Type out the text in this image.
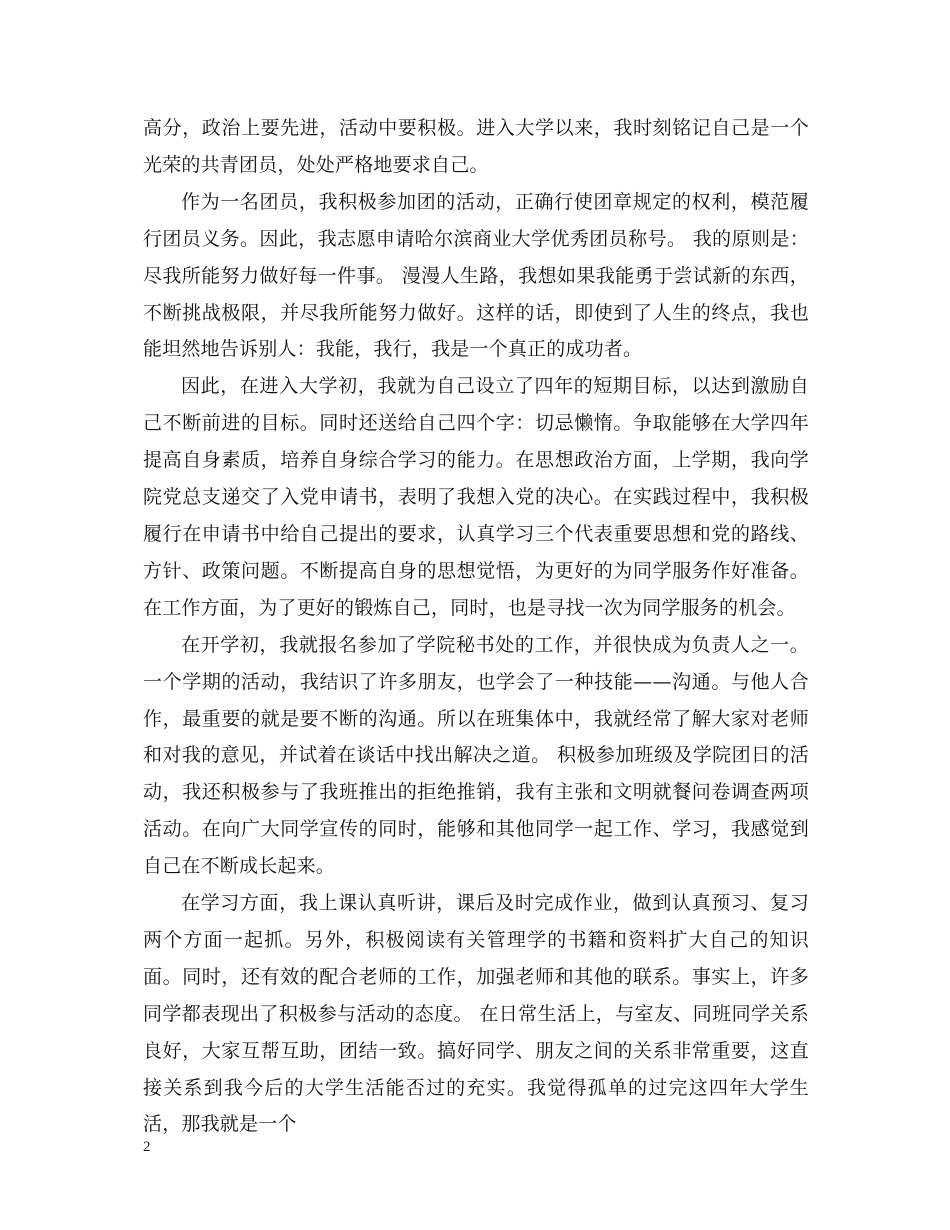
高分，政治上要先进，活动中要积极。进入大学以来，我时刻铭记自己是一个光荣的共青团员，处处严格地要求自己。

作为一名团员，我积极参加团的活动，正确行使团章规定的权利，模范履行团员义务。因此，我志愿申请哈尔滨商业大学优秀团员称号。 我的原则是：尽我所能努力做好每一件事。 漫漫人生路，我想如果我能勇于尝试新的东西，不断挑战极限，并尽我所能努力做好。这样的话，即使到了人生的终点，我也能坦然地告诉别人：我能，我行，我是一个真正的成功者。

因此，在进入大学初，我就为自己设立了四年的短期目标，以达到激励自己不断前进的目标。同时还送给自己四个字：切忌懒惰。争取能够在大学四年提高自身素质，培养自身综合学习的能力。在思想政治方面，上学期，我向学院党总支递交了入党申请书，表明了我想入党的决心。在实践过程中，我积极履行在申请书中给自己提出的要求，认真学习三个代表重要思想和党的路线、方针、政策问题。不断提高自身的思想觉悟，为更好的为同学服务作好准备。在工作方面，为了更好的锻炼自己，同时，也是寻找一次为同学服务的机会。

在开学初，我就报名参加了学院秘书处的工作，并很快成为负责人之一。一个学期的活动，我结识了许多朋友，也学会了一种技能——沟通。与他人合作，最重要的就是要不断的沟通。所以在班集体中，我就经常了解大家对老师和对我的意见，并试着在谈话中找出解决之道。 积极参加班级及学院团日的活动，我还积极参与了我班推出的拒绝推销，我有主张和文明就餐问卷调查两项活动。在向广大同学宣传的同时，能够和其他同学一起工作、学习，我感觉到自己在不断成长起来。

在学习方面，我上课认真听讲，课后及时完成作业，做到认真预习、复习两个方面一起抓。另外，积极阅读有关管理学的书籍和资料扩大自己的知识面。同时，还有效的配合老师的工作，加强老师和其他的联系。事实上，许多同学都表现出了积极参与活动的态度。 在日常生活上，与室友、同班同学关系良好，大家互帮互助，团结一致。搞好同学、朋友之间的关系非常重要，这直接关系到我今后的大学生活能否过的充实。我觉得孤单的过完这四年大学生活，那我就是一个

2
